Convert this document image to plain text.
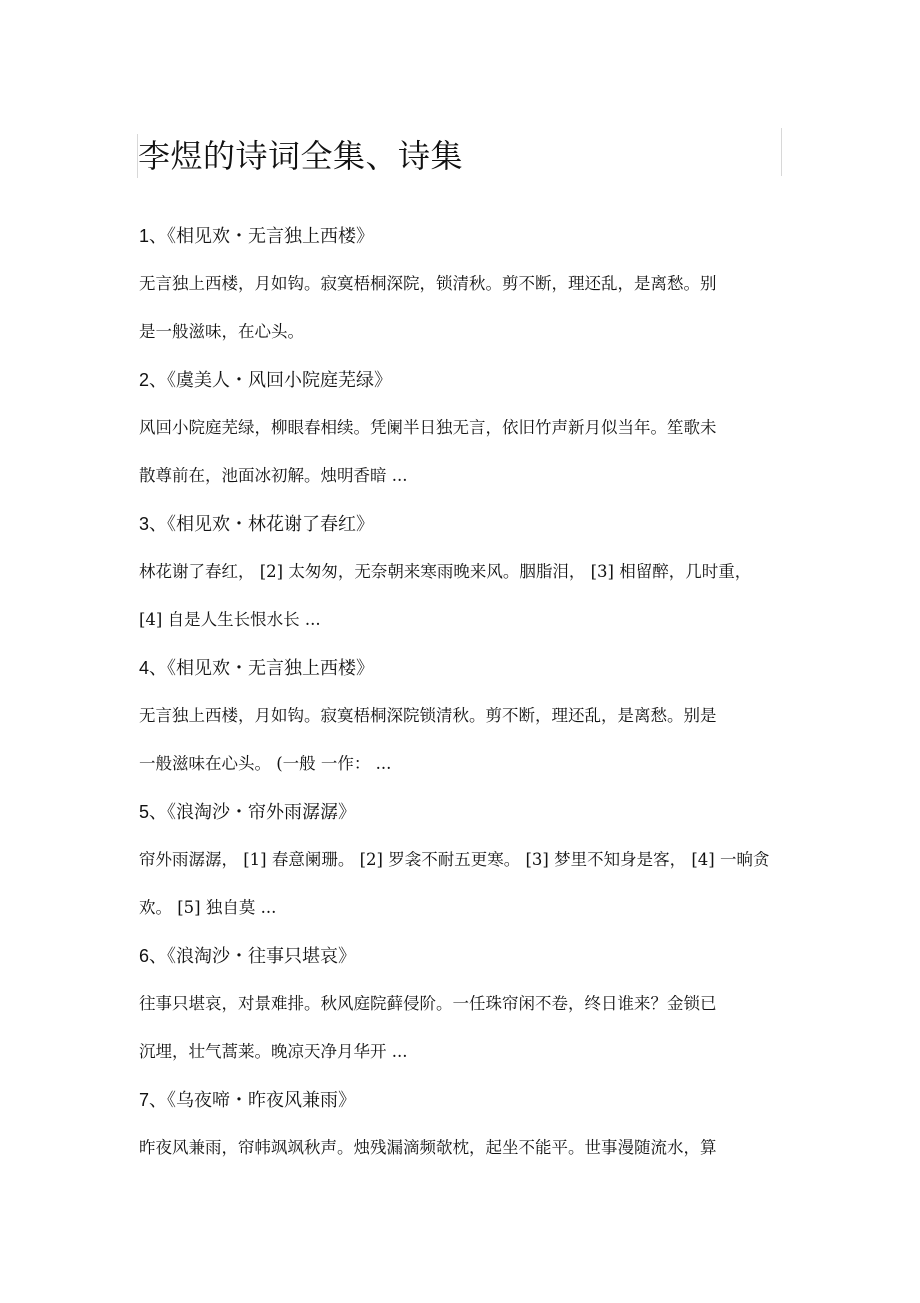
李煜的诗词全集、诗集
1、《相见欢・无言独上西楼》
无言独上西楼，月如钩。寂寞梧桐深院，锁清秋。剪不断，理还乱，是离愁。别
是一般滋味，在心头。
2、《虞美人・风回小院庭芜绿》
风回小院庭芜绿，柳眼春相续。凭阑半日独无言，依旧竹声新月似当年。笙歌未
散尊前在，池面冰初解。烛明香暗 ...
3、《相见欢・林花谢了春红》
林花谢了春红， [2] 太匆匆，无奈朝来寒雨晚来风。胭脂泪， [3] 相留醉，几时重，
[4] 自是人生长恨水长 ...
4、《相见欢・无言独上西楼》
无言独上西楼，月如钩。寂寞梧桐深院锁清秋。剪不断，理还乱，是离愁。别是
一般滋味在心头。 (一般 一作： ...
5、《浪淘沙・帘外雨潺潺》
帘外雨潺潺， [1] 春意阑珊。 [2] 罗衾不耐五更寒。 [3] 梦里不知身是客， [4] 一晌贪
欢。 [5] 独自莫 ...
6、《浪淘沙・往事只堪哀》
往事只堪哀，对景难排。秋风庭院藓侵阶。一任珠帘闲不卷，终日谁来？金锁已
沉埋，壮气蒿莱。晚凉天净月华开 ...
7、《乌夜啼・昨夜风兼雨》
昨夜风兼雨，帘帏飒飒秋声。烛残漏滴频欹枕，起坐不能平。世事漫随流水，算
